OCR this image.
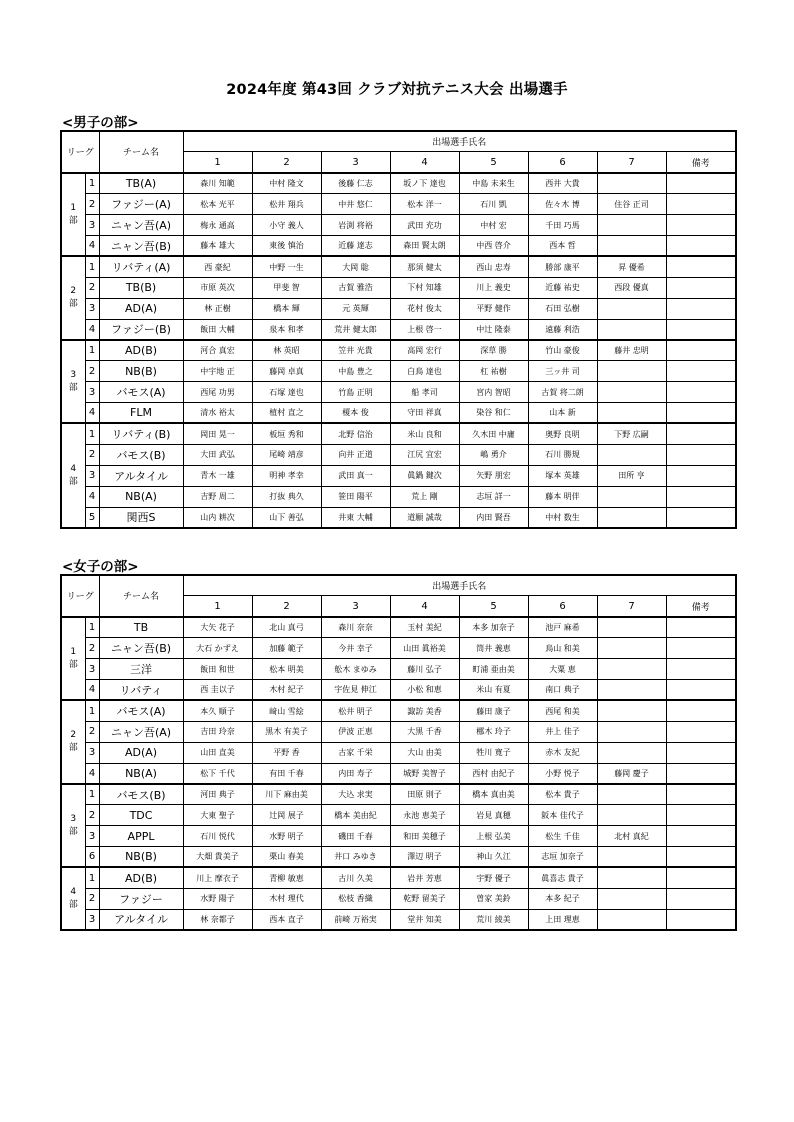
2024年度 第43回 クラブ対抗テニス大会 出場選手
<男子の部>
リーグ		チーム名	出場選手氏名							
			1	2	3	4	5	6	7	備考

1
部	1	TB(A)	森川 知範	中村 隆文	後藤 仁志	坂ノ下 達也	中島 未来生	西井 大貴		
	2	ファジー(A)	松本 光平	松井 翔兵	中井 悠仁	松本 洋一	石川 凱	佐々木 博	住谷 正司	
	3	ニャン吾(A)	梅永 通高	小守 義人	岩渕 将裕	武田 充功	中村 宏	千田 巧馬		
	4	ニャン吾(B)	藤本 雄大	東後 慎治	近藤 達志	森田 賢太朗	中西 啓介	西本 哲		

2
部	1	リバティ(A)	西 豪紀	中野 一生	大岡 聡	那須 健太	西山 忠寿	勝部 康平	昇 優希	
	2	TB(B)	市原 英次	甲斐 智	古賀 雅浩	下村 知雄	川上 義史	近藤 祐史	西段 優真	
	3	AD(A)	林 正樹	橋本 輝	元 英輝	花村 俊太	平野 健作	石田 弘樹		
	4	ファジー(B)	飯田 大輔	泉本 和孝	荒井 健太郎	上根 啓一	中辻 隆泰	遠藤 利浩		

3
部	1	AD(B)	河合 真宏	林 英昭	笠井 光貴	高岡 宏行	深草 勝	竹山 豪俊	藤井 忠明	
	2	NB(B)	中宇地 正	藤岡 卓真	中島 豊之	白鳥 達也	杠 祐樹	三ッ井 司		
	3	バモス(A)	西尾 功男	石塚 達也	竹島 正明	船 孝司	宮内 智昭	古賀 将二朗		
	4	FLM	清水 裕太	植村 直之	榎本 俊	守田 祥真	染谷 和仁	山本 新		

4
部	1	リバティ(B)	岡田 晃一	板垣 秀和	北野 信治	米山 良和	久木田 中庸	奥野 良明	下野 広嗣	
	2	バモス(B)	大田 武弘	尾崎 靖彦	向井 正道	江尻 宜宏	嶋 勇介	石川 勝規		
	3	アルタイル	青木 一雄	明神 孝幸	武田 真一	眞鍋 鍵次	矢野 朋宏	塚本 英雄	田所 亨	
	4	NB(A)	吉野 周二	打抜 典久	笹田 陽平	荒上 剛	志垣 詳一	藤本 明伴		
	5	関西S	山内 耕次	山下 善弘	井東 大輔	道願 誠哉	内田 賢吾	中村 数生		
<女子の部>
リーグ		チーム名	出場選手氏名							
			1	2	3	4	5	6	7	備考

1
部	1	TB	大矢 花子	北山 真弓	森川 奈奈	玉村 美紀	本多 加奈子	池戸 麻希		
	2	ニャン吾(B)	大石 かずえ	加藤 範子	今井 幸子	山田 眞裕美	筒井 義恵	鳥山 和美		
	3	三洋	飯田 和世	松本 明美	舩木 まゆみ	藤川 弘子	町浦 亜由美	大粟 恵		
	4	リバティ	西 圭以子	木村 紀子	宇佐見 伸江	小松 和恵	米山 有夏	南口 典子		

2
部	1	バモス(A)	本久 順子	﨑山 雪絵	松井 明子	諏訪 美香	藤田 康子	西尾 和美		
	2	ニャン吾(A)	吉田 玲奈	黒木 有美子	伊波 正恵	大黒 千香	梛木 玲子	井上 佳子		
	3	AD(A)	山田 直美	平野 香	古家 千栄	大山 由美	牲川 寛子	赤木 友紀		
	4	NB(A)	松下 千代	有田 千春	内田 寿子	城野 美智子	西村 由紀子	小野 悦子	藤岡 慶子	

3
部	1	バモス(B)	河田 典子	川下 麻由美	大込 求実	田原 則子	橋本 真由美	松本 貴子		
	2	TDC	大東 聖子	辻岡 展子	橋本 美由紀	永池 恵美子	岩見 真穂	阪本 佳代子		
	3	APPL	石川 悦代	水野 明子	磯田 千春	和田 美穂子	上根 弘美	松生 千佳	北村 真紀	
	6	NB(B)	大畑 貴美子	栗山 春美	井口 みゆき	澤辺 明子	神山 久江	志垣 加奈子		

4
部	1	AD(B)	川上 摩衣子	青柳 敏恵	古川 久美	岩井 芳恵	宇野 優子	眞喜志 貴子		
	2	ファジー	水野 陽子	木村 理代	松枝 香織	乾野 留美子	曽家 美鈴	本多 紀子		
	3	アルタイル	林 奈都子	西本 直子	前崎 万裕実	堂井 知美	荒川 綾美	上田 理恵		
